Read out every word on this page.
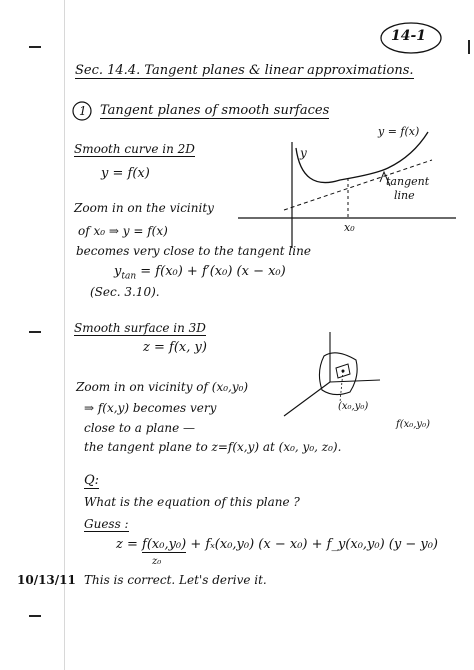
14-1
Sec. 14.4. Tangent planes & linear approximations.
1 Tangent planes of smooth surfaces
Smooth curve in 2D
y = f(x)
y
y = f(x)
tangent
line
x₀
Zoom in on the vicinity
of x₀ ⇒ y = f(x)
becomes very close to the tangent line
$y_{tan} = f(x_0) + f'(x_0) (x - x_0)$
(Sec. 3.10).
Smooth surface in 3D
z = f(x, y)
(x₀,y₀)
f(x₀,y₀)
Zoom in on vicinity of (x₀,y₀)
⇒ f(x,y) becomes very
close to a plane —
the tangent plane to z=f(x,y) at (x₀, y₀, z₀).
Q:
What is the equation of this plane ?
Guess :
z = f(x₀,y₀) + fₓ(x₀,y₀) (x − x₀) + f_y(x₀,y₀) (y − y₀)
z₀
10/13/11 This is correct. Let's derive it.
